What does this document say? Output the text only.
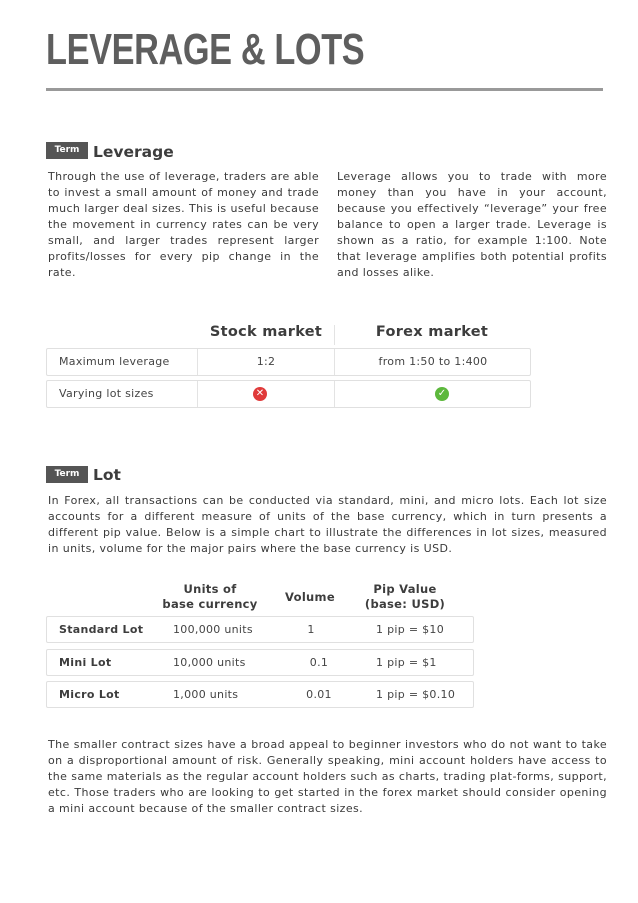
LEVERAGE & LOTS
Term Leverage
Through the use of leverage, traders are able to invest a small amount of money and trade much larger deal sizes. This is useful because the movement in currency rates can be very small, and larger trades represent larger profits/losses for every pip change in the rate.
Leverage allows you to trade with more money than you have in your account, because you effectively “leverage” your free balance to open a larger trade. Leverage is shown as a ratio, for example 1:100. Note that leverage amplifies both potential profits and losses alike.
Stock market	Forex market
Maximum leverage	1:2	from 1:50 to 1:400
Varying lot sizes	✕	✓
Term Lot
In Forex, all transactions can be conducted via standard, mini, and micro lots. Each lot size accounts for a different measure of units of the base currency, which in turn presents a different pip value. Below is a simple chart to illustrate the differences in lot sizes, measured in units, volume for the major pairs where the base currency is USD.
Units of
base currency	Volume
Pip Value
(base: USD)
Standard Lot	100,000 units	1	1 pip = $10
Mini Lot	10,000 units	0.1	1 pip = $1
Micro Lot	1,000 units	0.01	1 pip = $0.10
The smaller contract sizes have a broad appeal to beginner investors who do not want to take on a disproportional amount of risk. Generally speaking, mini account holders have access to the same materials as the regular account holders such as charts, trading plat-forms, support, etc. Those traders who are looking to get started in the forex market should consider opening a mini account because of the smaller contract sizes.
